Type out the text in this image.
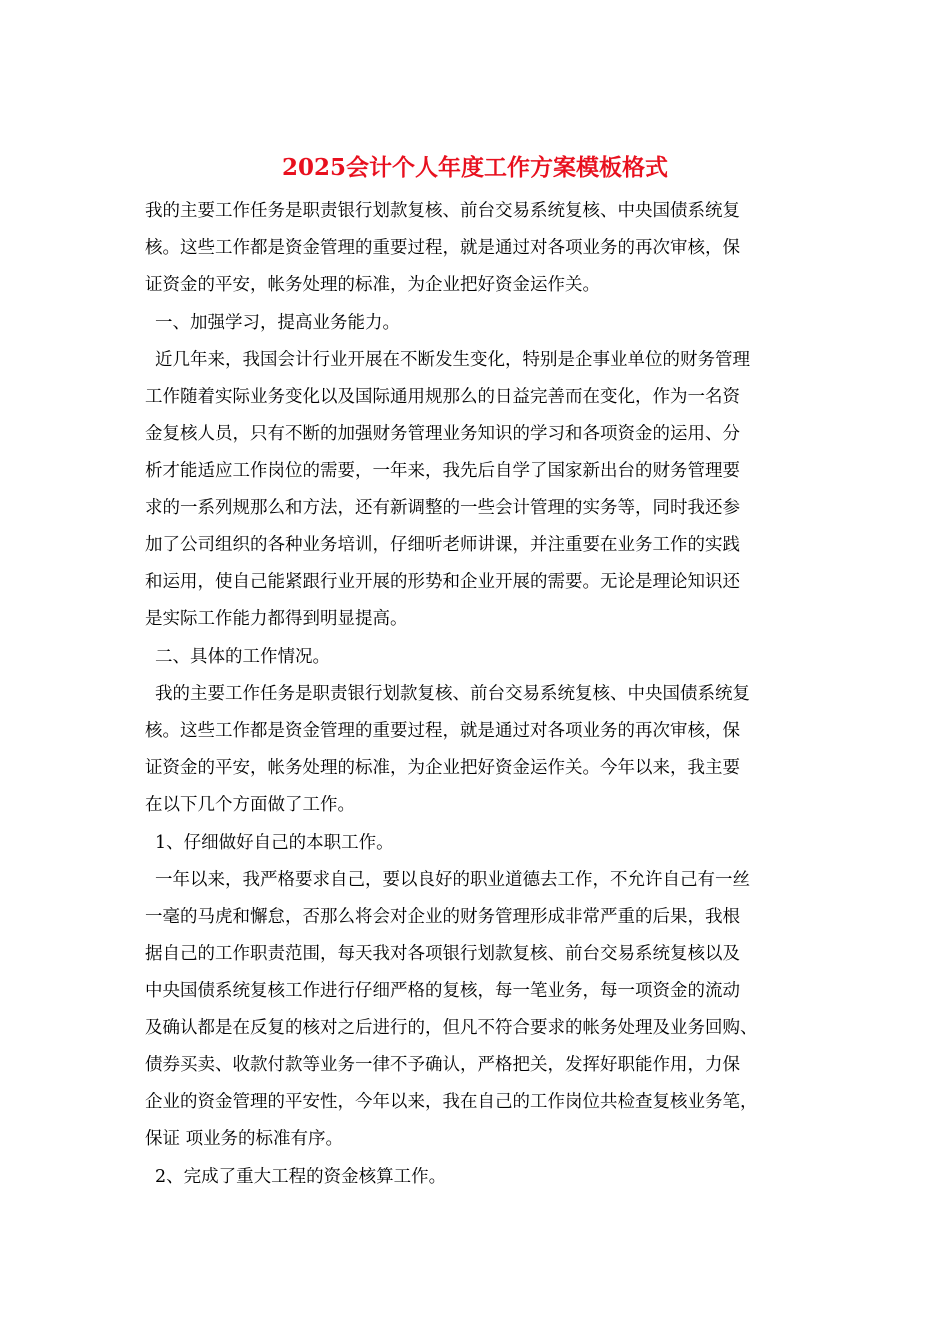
2025会计个人年度工作方案模板格式
我的主要工作任务是职责银行划款复核、前台交易系统复核、中央国债系统复
核。这些工作都是资金管理的重要过程，就是通过对各项业务的再次审核，保
证资金的平安，帐务处理的标准，为企业把好资金运作关。
一、加强学习，提高业务能力。
近几年来，我国会计行业开展在不断发生变化，特别是企事业单位的财务管理
工作随着实际业务变化以及国际通用规那么的日益完善而在变化，作为一名资
金复核人员，只有不断的加强财务管理业务知识的学习和各项资金的运用、分
析才能适应工作岗位的需要，一年来，我先后自学了国家新出台的财务管理要
求的一系列规那么和方法，还有新调整的一些会计管理的实务等，同时我还参
加了公司组织的各种业务培训，仔细听老师讲课，并注重要在业务工作的实践
和运用，使自己能紧跟行业开展的形势和企业开展的需要。无论是理论知识还
是实际工作能力都得到明显提高。
二、具体的工作情况。
我的主要工作任务是职责银行划款复核、前台交易系统复核、中央国债系统复
核。这些工作都是资金管理的重要过程，就是通过对各项业务的再次审核，保
证资金的平安，帐务处理的标准，为企业把好资金运作关。今年以来，我主要
在以下几个方面做了工作。
1、仔细做好自己的本职工作。
一年以来，我严格要求自己，要以良好的职业道德去工作，不允许自己有一丝
一毫的马虎和懈怠，否那么将会对企业的财务管理形成非常严重的后果，我根
据自己的工作职责范围，每天我对各项银行划款复核、前台交易系统复核以及
中央国债系统复核工作进行仔细严格的复核，每一笔业务，每一项资金的流动
及确认都是在反复的核对之后进行的，但凡不符合要求的帐务处理及业务回购、
债券买卖、收款付款等业务一律不予确认，严格把关，发挥好职能作用，力保
企业的资金管理的平安性，今年以来，我在自己的工作岗位共检查复核业务笔，
保证 项业务的标准有序。
2、完成了重大工程的资金核算工作。
